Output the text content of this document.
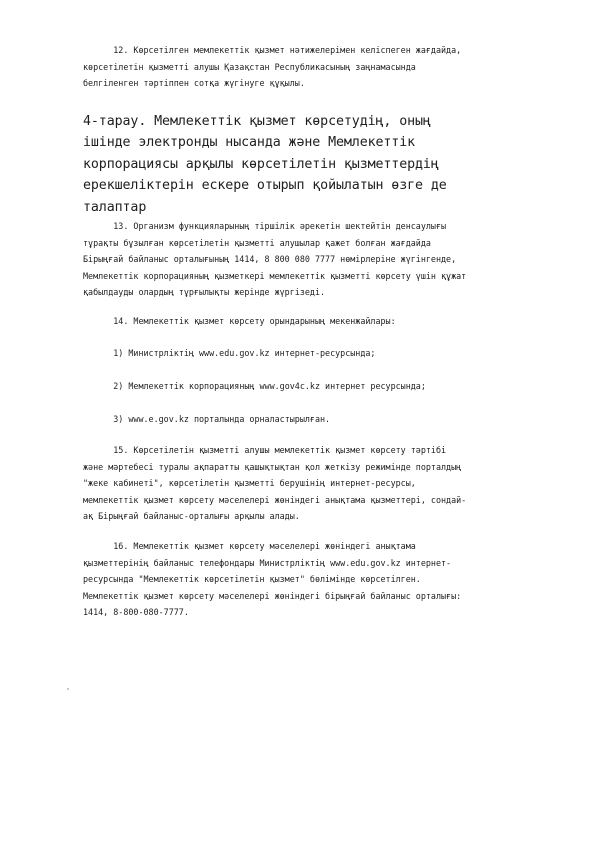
12. Көрсетілген мемлекеттік қызмет нәтижелерімен келіспеген жағдайда,
көрсетілетін қызметті алушы Қазақстан Республикасының заңнамасында
белгіленген тәртіппен сотқа жүгінуге құқылы.

4-тарау. Мемлекеттік қызмет көрсетудің, оның
ішінде электронды нысанда және Мемлекеттік
корпорациясы арқылы көрсетілетін қызметтердің
ерекшеліктерін ескере отырып қойылатын өзге де
талаптар

13. Организм функцияларының тіршілік әрекетін шектейтін денсаулығы
тұрақты бұзылған көрсетілетін қызметті алушылар қажет болған жағдайда
Бірыңғай байланыс орталығының 1414, 8 800 080 7777 нөмірлеріне жүгінгенде,
Мемлекеттік корпорацияның қызметкері мемлекеттік қызметті көрсету үшін құжат
қабылдауды олардың тұрғылықты жерінде жүргізеді.

14. Мемлекеттік қызмет көрсету орындарының мекенжайлары:

1) Министрліктің www.edu.gov.kz интернет-ресурсында;

2) Мемлекеттік корпорацияның www.gov4c.kz интернет ресурсында;

3) www.e.gov.kz порталында орналастырылған.

15. Көрсетілетін қызметті алушы мемлекеттік қызмет көрсету тәртібі
және мәртебесі туралы ақпаратты қашықтықтан қол жеткізу режимінде порталдың
"жеке кабинеті", көрсетілетін қызметті берушінің интернет-ресурсы,
мемлекеттік қызмет көрсету мәселелері жөніндегі анықтама қызметтері, сондай-
ақ Бірыңғай байланыс-орталығы арқылы алады.

16. Мемлекеттік қызмет көрсету мәселелері жөніндегі анықтама
қызметтерінің байланыс телефондары Министрліктің www.edu.gov.kz интернет-
ресурсында "Мемлекеттік көрсетілетін қызмет" бөлімінде көрсетілген.
Мемлекеттік қызмет көрсету мәселелері жөніндегі бірыңғай байланыс орталығы:
1414, 8-800-080-7777.
